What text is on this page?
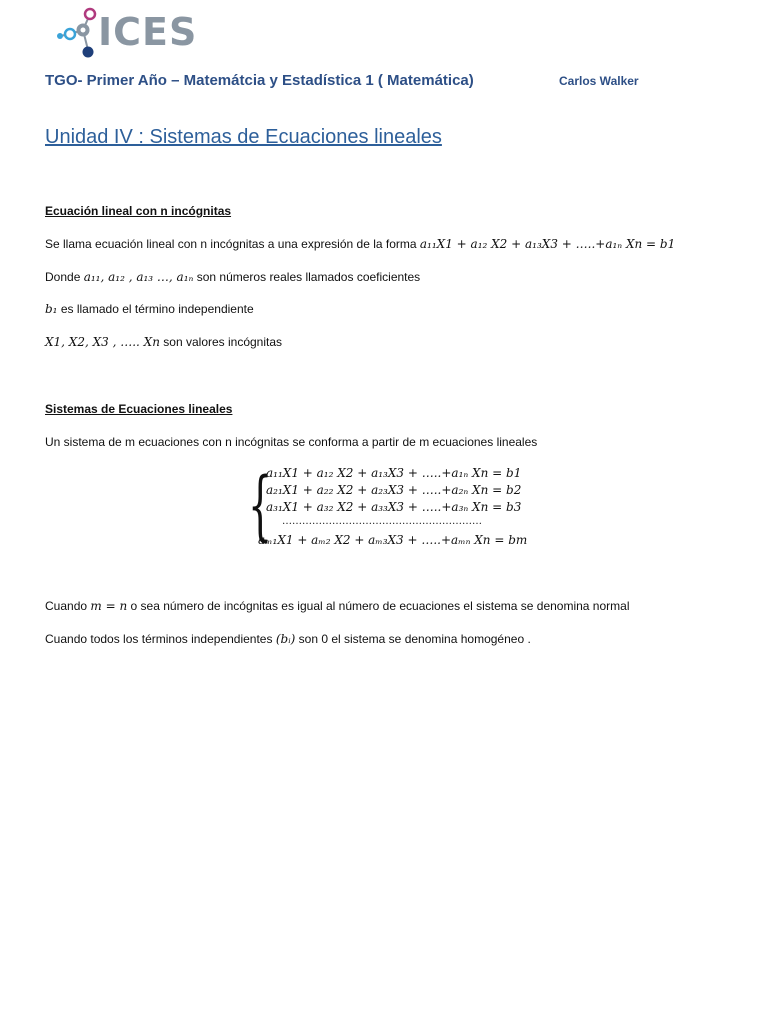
ICES
TGO- Primer Año – Matemátcia y Estadística 1 ( Matemática)	Carlos Walker
Unidad IV : Sistemas de Ecuaciones lineales
Ecuación lineal con n incógnitas
Se llama ecuación lineal con n incógnitas a una expresión de la forma a₁₁X1 + a₁₂ X2 + a₁₃X3 + …..+a₁ₙ Xn = b1
Donde a₁₁, a₁₂ , a₁₃ …, a₁ₙ son números reales llamados coeficientes
b₁ es llamado el término independiente
X1, X2, X3 , ….. Xn son valores incógnitas
Sistemas de Ecuaciones lineales
Un sistema de m ecuaciones con n incógnitas se conforma a partir de m ecuaciones lineales
{
a₁₁X1 + a₁₂ X2 + a₁₃X3 + …..+a₁ₙ Xn = b1
a₂₁X1 + a₂₂ X2 + a₂₃X3 + …..+a₂ₙ Xn = b2
a₃₁X1 + a₃₂ X2 + a₃₃X3 + …..+a₃ₙ Xn = b3
……………………………………………………
aₘ₁X1 + aₘ₂ X2 + aₘ₃X3 + …..+aₘₙ Xn = bm
Cuando m = n o sea número de incógnitas es igual al número de ecuaciones el sistema se denomina normal
Cuando todos los términos independientes (bᵢ) son 0 el sistema se denomina homogéneo .
